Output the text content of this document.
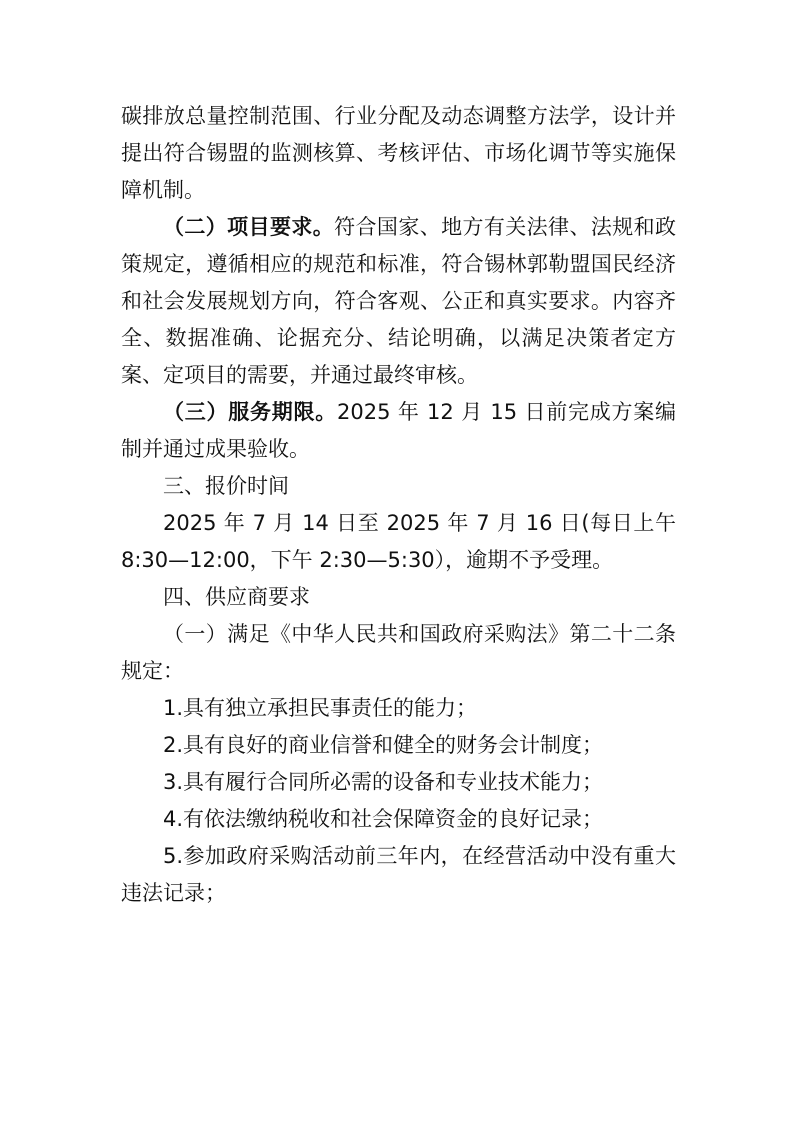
碳排放总量控制范围、行业分配及动态调整方法学，设计并提出符合锡盟的监测核算、考核评估、市场化调节等实施保障机制。

（二）项目要求。符合国家、地方有关法律、法规和政策规定，遵循相应的规范和标准，符合锡林郭勒盟国民经济和社会发展规划方向，符合客观、公正和真实要求。内容齐全、数据准确、论据充分、结论明确，以满足决策者定方案、定项目的需要，并通过最终审核。

（三）服务期限。2025 年 12 月 15 日前完成方案编制并通过成果验收。

三、报价时间

2025 年 7 月 14 日至 2025 年 7 月 16 日(每日上午 8:30—12:00，下午 2:30—5:30），逾期不予受理。

四、供应商要求

（一）满足《中华人民共和国政府采购法》第二十二条规定：

1.具有独立承担民事责任的能力；

2.具有良好的商业信誉和健全的财务会计制度；

3.具有履行合同所必需的设备和专业技术能力；

4.有依法缴纳税收和社会保障资金的良好记录；

5.参加政府采购活动前三年内，在经营活动中没有重大违法记录；
